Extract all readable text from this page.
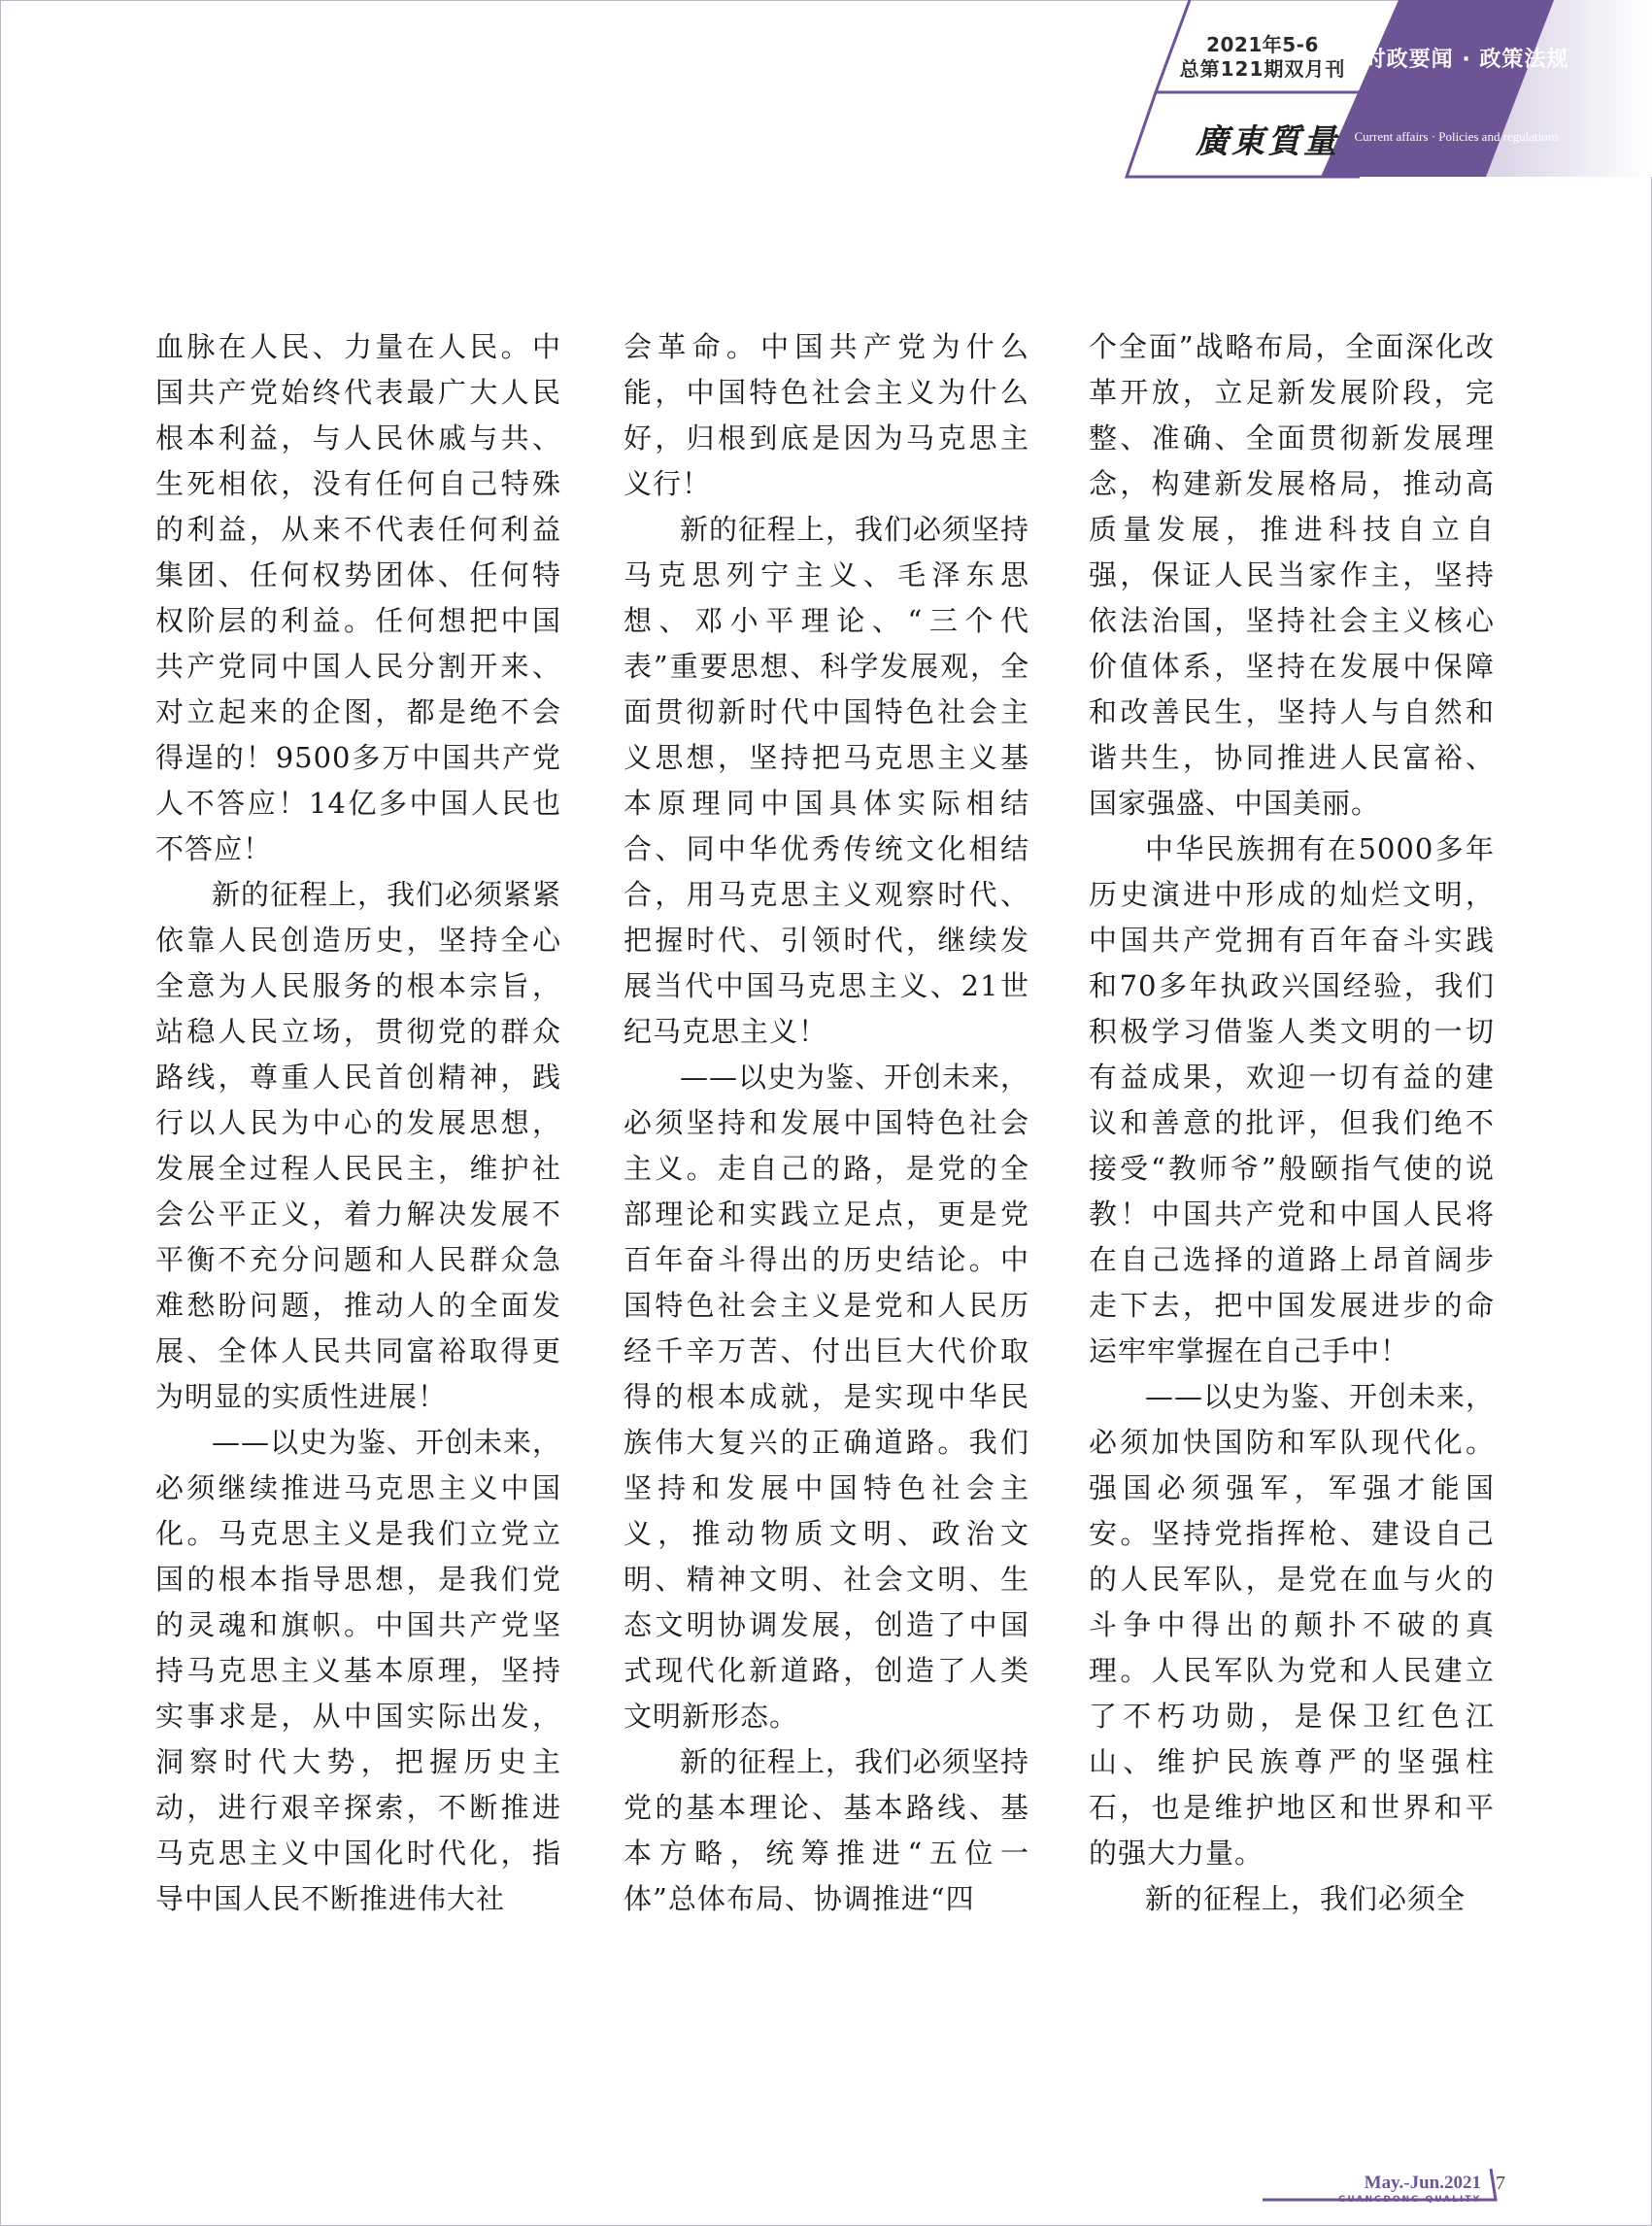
2021年5-6
总第121期双月刊
廣東質量
时政要闻 · 政策法规
Current affairs · Policies and regulations

血脉在人民、力量在人民。中国共产党始终代表最广大人民根本利益，与人民休戚与共、生死相依，没有任何自己特殊的利益，从来不代表任何利益集团、任何权势团体、任何特权阶层的利益。任何想把中国共产党同中国人民分割开来、对立起来的企图，都是绝不会得逞的！9500多万中国共产党人不答应！14亿多中国人民也不答应！

新的征程上，我们必须紧紧依靠人民创造历史，坚持全心全意为人民服务的根本宗旨，站稳人民立场，贯彻党的群众路线，尊重人民首创精神，践行以人民为中心的发展思想，发展全过程人民民主，维护社会公平正义，着力解决发展不平衡不充分问题和人民群众急难愁盼问题，推动人的全面发展、全体人民共同富裕取得更为明显的实质性进展！

——以史为鉴、开创未来，必须继续推进马克思主义中国化。马克思主义是我们立党立国的根本指导思想，是我们党的灵魂和旗帜。中国共产党坚持马克思主义基本原理，坚持实事求是，从中国实际出发，洞察时代大势，把握历史主动，进行艰辛探索，不断推进马克思主义中国化时代化，指导中国人民不断推进伟大社

会革命。中国共产党为什么能，中国特色社会主义为什么好，归根到底是因为马克思主义行！

新的征程上，我们必须坚持马克思列宁主义、毛泽东思想、邓小平理论、“三个代表”重要思想、科学发展观，全面贯彻新时代中国特色社会主义思想，坚持把马克思主义基本原理同中国具体实际相结合、同中华优秀传统文化相结合，用马克思主义观察时代、把握时代、引领时代，继续发展当代中国马克思主义、21世纪马克思主义！

——以史为鉴、开创未来，必须坚持和发展中国特色社会主义。走自己的路，是党的全部理论和实践立足点，更是党百年奋斗得出的历史结论。中国特色社会主义是党和人民历经千辛万苦、付出巨大代价取得的根本成就，是实现中华民族伟大复兴的正确道路。我们坚持和发展中国特色社会主义，推动物质文明、政治文明、精神文明、社会文明、生态文明协调发展，创造了中国式现代化新道路，创造了人类文明新形态。

新的征程上，我们必须坚持党的基本理论、基本路线、基本方略，统筹推进“五位一体”总体布局、协调推进“四

个全面”战略布局，全面深化改革开放，立足新发展阶段，完整、准确、全面贯彻新发展理念，构建新发展格局，推动高质量发展，推进科技自立自强，保证人民当家作主，坚持依法治国，坚持社会主义核心价值体系，坚持在发展中保障和改善民生，坚持人与自然和谐共生，协同推进人民富裕、国家强盛、中国美丽。

中华民族拥有在5000多年历史演进中形成的灿烂文明，中国共产党拥有百年奋斗实践和70多年执政兴国经验，我们积极学习借鉴人类文明的一切有益成果，欢迎一切有益的建议和善意的批评，但我们绝不接受“教师爷”般颐指气使的说教！中国共产党和中国人民将在自己选择的道路上昂首阔步走下去，把中国发展进步的命运牢牢掌握在自己手中！

——以史为鉴、开创未来，必须加快国防和军队现代化。强国必须强军，军强才能国安。坚持党指挥枪、建设自己的人民军队，是党在血与火的斗争中得出的颠扑不破的真理。人民军队为党和人民建立了不朽功勋，是保卫红色江山、维护民族尊严的坚强柱石，也是维护地区和世界和平的强大力量。

新的征程上，我们必须全

May.-Jun.2021
GUANGDONG QUALITY
7
